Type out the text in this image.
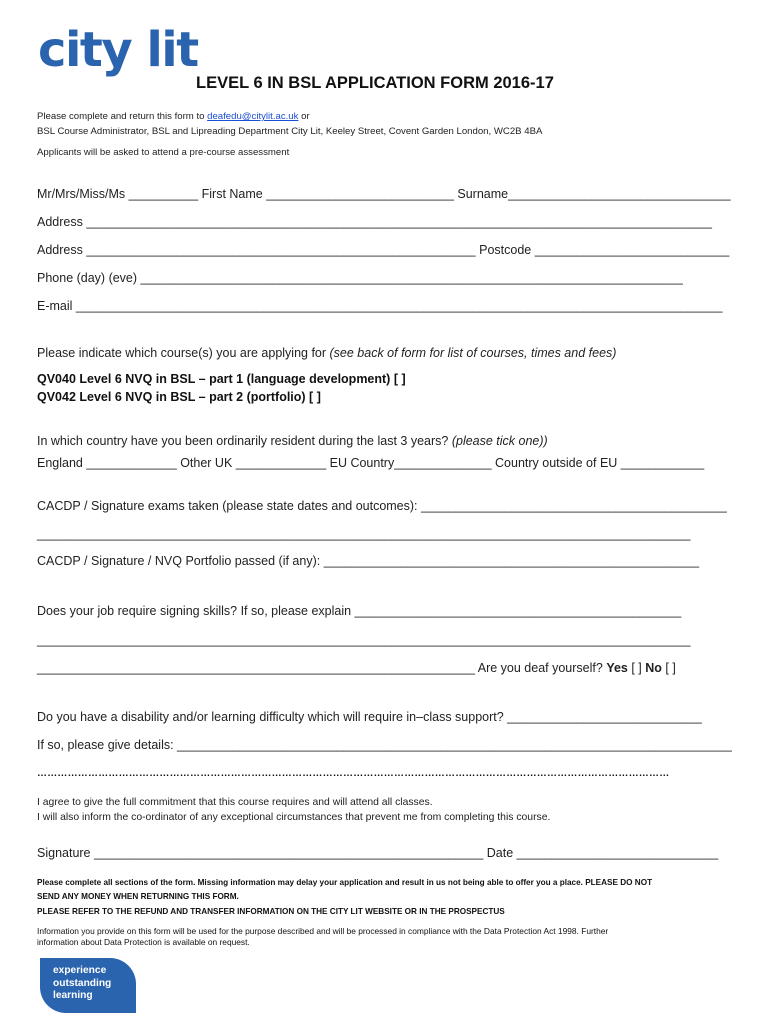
city lit
LEVEL 6 IN BSL APPLICATION FORM 2016-17
Please complete and return this form to deafedu@citylit.ac.uk or
BSL Course Administrator, BSL and Lipreading Department City Lit, Keeley Street, Covent Garden London, WC2B 4BA
Applicants will be asked to attend a pre-course assessment
Mr/Mrs/Miss/Ms __________ First Name ___________________________ Surname________________________________
Address __________________________________________________________________________________________
Address ________________________________________________________ Postcode ____________________________
Phone (day) (eve) ______________________________________________________________________________
E-mail _____________________________________________________________________________________________
Please indicate which course(s) you are applying for (see back of form for list of courses, times and fees)
QV040 Level 6 NVQ in BSL – part 1 (language development) [ ]
QV042 Level 6 NVQ in BSL – part 2 (portfolio) [ ]
In which country have you been ordinarily resident during the last 3 years? (please tick one))
England _____________ Other UK _____________ EU Country______________ Country outside of EU ____________
CACDP / Signature exams taken (please state dates and outcomes): ____________________________________________
______________________________________________________________________________________________
CACDP / Signature / NVQ Portfolio passed (if any): ______________________________________________________
Does your job require signing skills? If so, please explain _______________________________________________
______________________________________________________________________________________________
_______________________________________________________________ Are you deaf yourself? Yes [ ] No [ ]
Do you have a disability and/or learning difficulty which will require in–class support? ____________________________
If so, please give details: ________________________________________________________________________________
……………………………………………………………………………………………………………………………………………………………………
I agree to give the full commitment that this course requires and will attend all classes.
I will also inform the co-ordinator of any exceptional circumstances that prevent me from completing this course.
Signature ________________________________________________________ Date _____________________________
Please complete all sections of the form. Missing information may delay your application and result in us not being able to offer you a place. PLEASE DO NOT
SEND ANY MONEY WHEN RETURNING THIS FORM.
PLEASE REFER TO THE REFUND AND TRANSFER INFORMATION ON THE CITY LIT WEBSITE OR IN THE PROSPECTUS
Information you provide on this form will be used for the purpose described and will be processed in compliance with the Data Protection Act 1998. Further
information about Data Protection is available on request.
experience
outstanding
learning
